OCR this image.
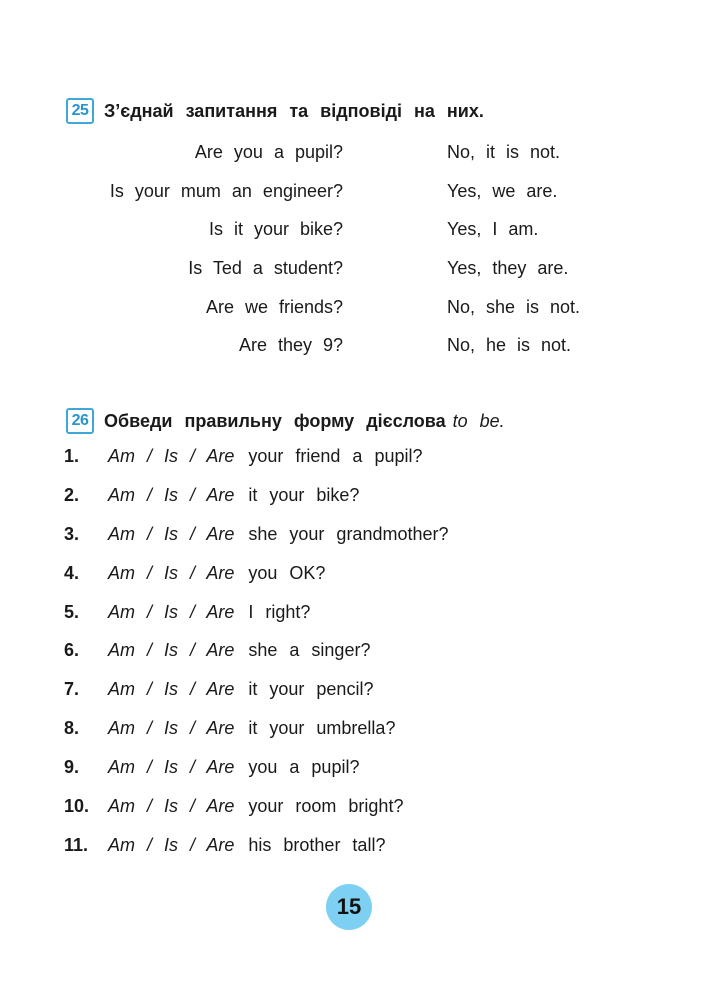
25 З’єднай запитання та відповіді на них.
Are you a pupil?	No, it is not.
Is your mum an engineer?	Yes, we are.
Is it your bike?	Yes, I am.
Is Ted a student?	Yes, they are.
Are we friends?	No, she is not.
Are they 9?	No, he is not.
26 Обведи правильну форму дієслова to be.
1. Am / Is / Are your friend a pupil?
2. Am / Is / Are it your bike?
3. Am / Is / Are she your grandmother?
4. Am / Is / Are you OK?
5. Am / Is / Are I right?
6. Am / Is / Are she a singer?
7. Am / Is / Are it your pencil?
8. Am / Is / Are it your umbrella?
9. Am / Is / Are you a pupil?
10. Am / Is / Are your room bright?
11. Am / Is / Are his brother tall?
15
